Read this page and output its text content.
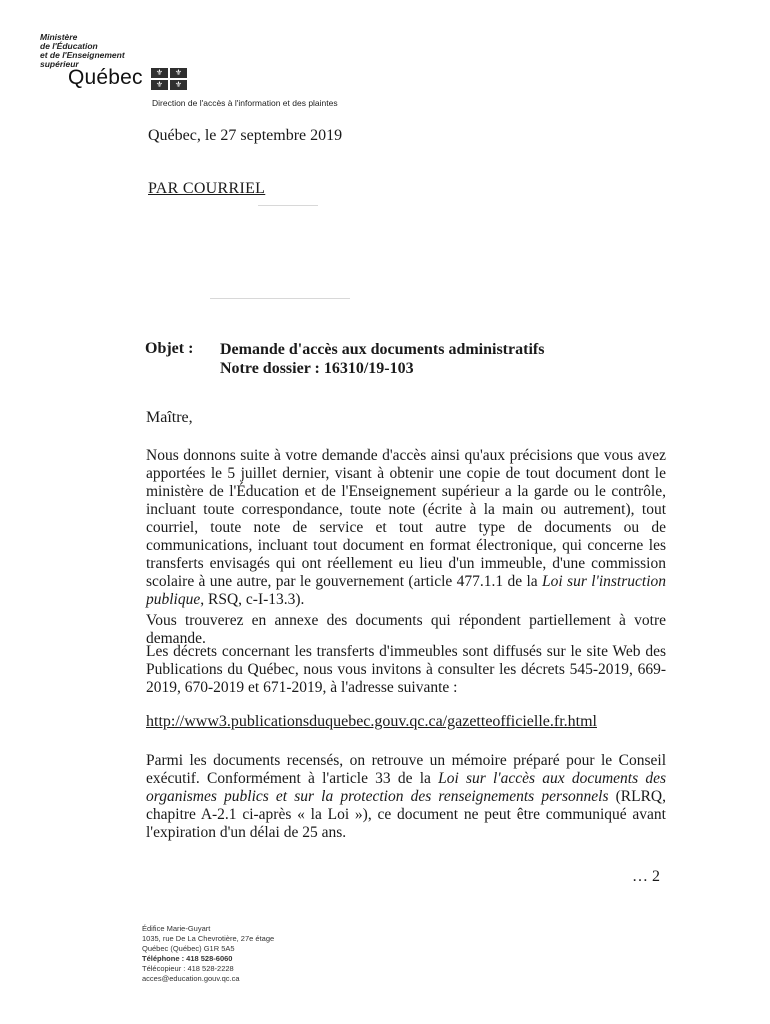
Ministère
de l'Éducation
et de l'Enseignement
supérieur
Québec	⚜	⚜
⚜	⚜
Direction de l'accès à l'information et des plaintes
Québec, le 27 septembre 2019
PAR COURRIEL
Objet : Demande d'accès aux documents administratifs
Notre dossier : 16310/19-103
Maître,
Nous donnons suite à votre demande d'accès ainsi qu'aux précisions que vous avez apportées le 5 juillet dernier, visant à obtenir une copie de tout document dont le ministère de l'Éducation et de l'Enseignement supérieur a la garde ou le contrôle, incluant toute correspondance, toute note (écrite à la main ou autrement), tout courriel, toute note de service et tout autre type de documents ou de communications, incluant tout document en format électronique, qui concerne les transferts envisagés qui ont réellement eu lieu d'un immeuble, d'une commission scolaire à une autre, par le gouvernement (article 477.1.1 de la Loi sur l'instruction publique, RSQ, c-I-13.3).
Vous trouverez en annexe des documents qui répondent partiellement à votre demande.
Les décrets concernant les transferts d'immeubles sont diffusés sur le site Web des Publications du Québec, nous vous invitons à consulter les décrets 545-2019, 669-2019, 670-2019 et 671-2019, à l'adresse suivante :
http://www3.publicationsduquebec.gouv.qc.ca/gazetteofficielle.fr.html
Parmi les documents recensés, on retrouve un mémoire préparé pour le Conseil exécutif. Conformément à l'article 33 de la Loi sur l'accès aux documents des organismes publics et sur la protection des renseignements personnels (RLRQ, chapitre A-2.1 ci-après « la Loi »), ce document ne peut être communiqué avant l'expiration d'un délai de 25 ans.
… 2
Édifice Marie-Guyart
1035, rue De La Chevrotière, 27e étage
Québec (Québec) G1R 5A5
Téléphone : 418 528-6060
Télécopieur : 418 528-2228
acces@education.gouv.qc.ca
